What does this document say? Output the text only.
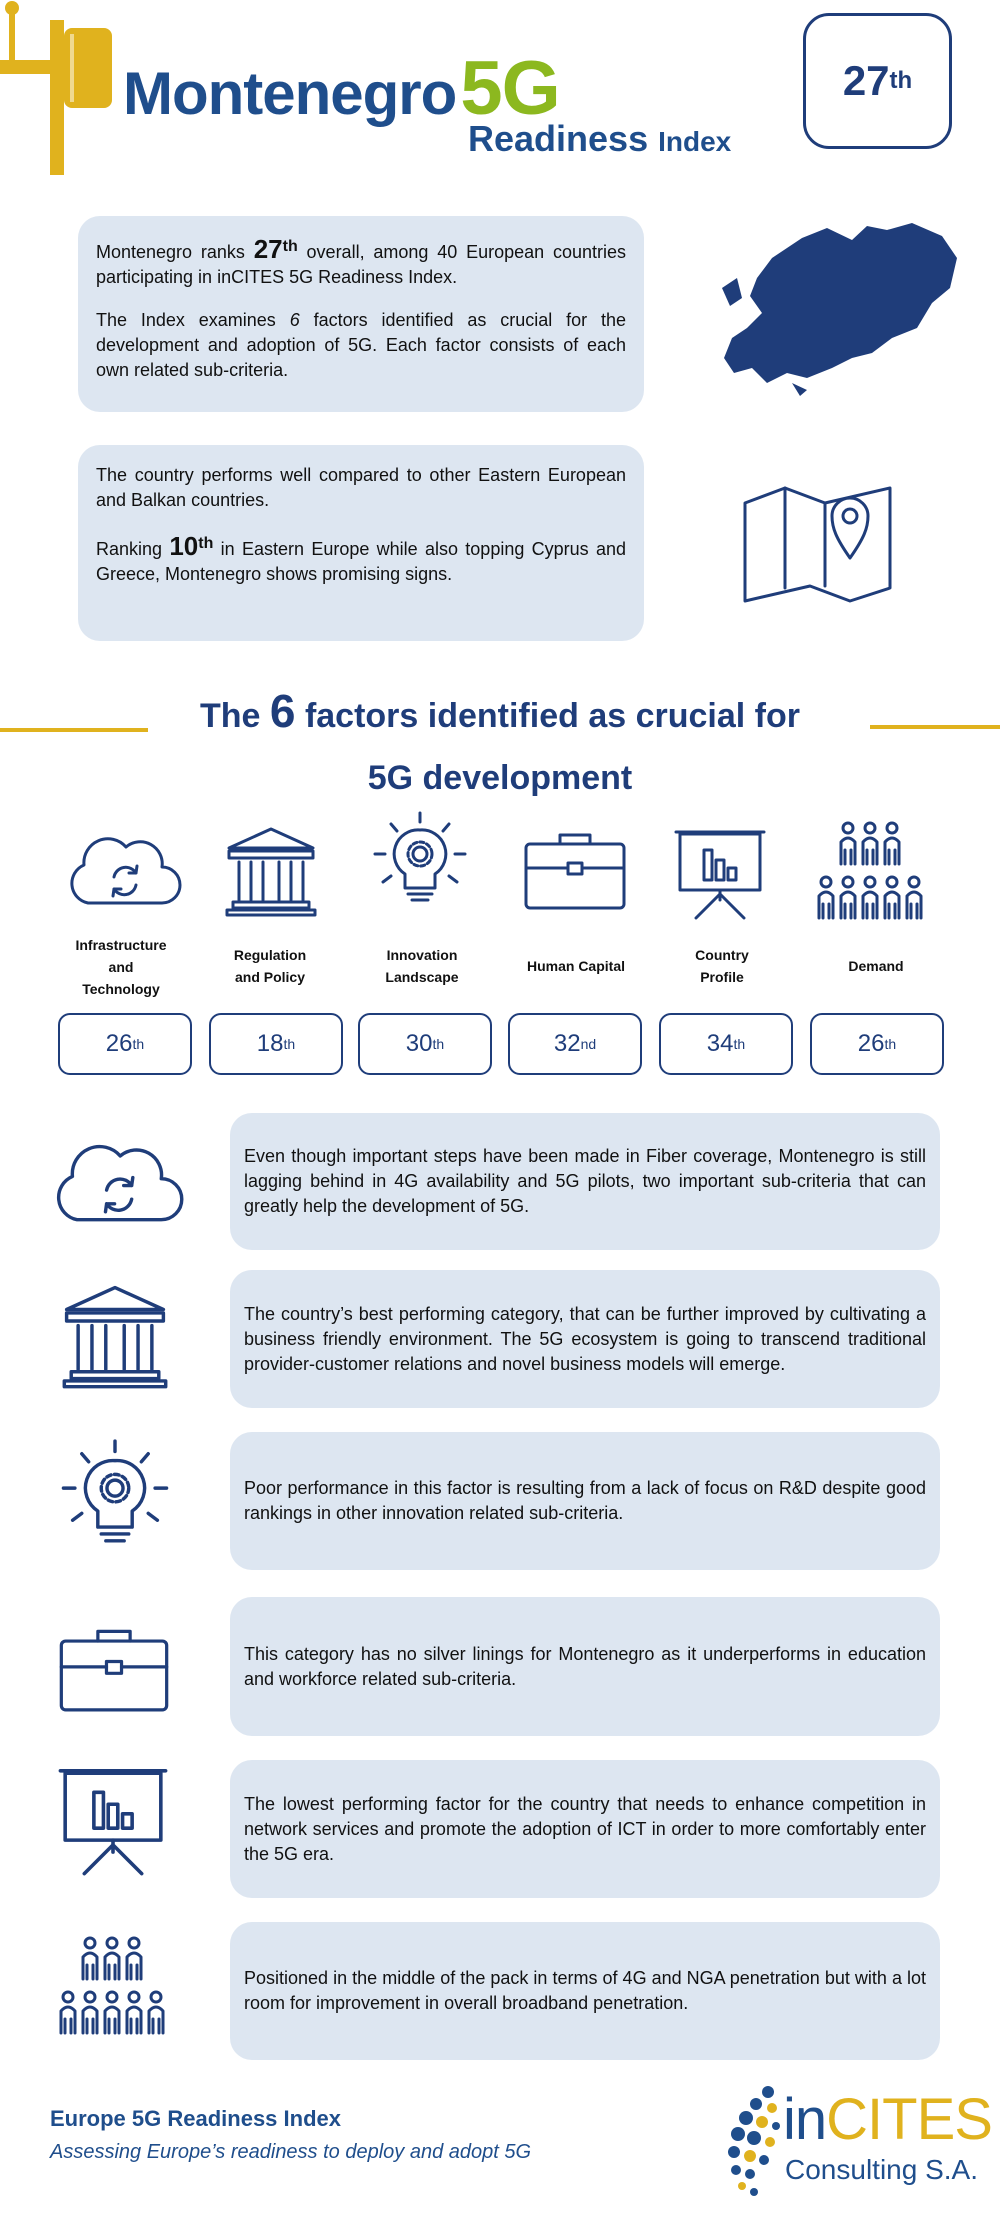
Montenegro5G
Readiness Index
27 th

Montenegro ranks 27th overall, among 40 European countries participating in inCITES 5G Readiness Index.

The Index examines 6 factors identified as crucial for the development and adoption of 5G. Each factor consists of each own related sub-criteria.

The country performs well compared to other Eastern European and Balkan countries.

Ranking 10th in Eastern Europe while also topping Cyprus and Greece, Montenegro shows promising signs.

The 6 factors identified as crucial for
5G development
Infrastructure
and
Technology
Regulation
and Policy
Innovation
Landscape
Human Capital
Country
Profile
Demand
26 th	18 th	30 th	32 nd	34 th	26 th
Even though important steps have been made in Fiber coverage, Montenegro is still lagging behind in 4G availability and 5G pilots, two important sub-criteria that can greatly help the development of 5G.
The country’s best performing category, that can be further improved by cultivating a business friendly environment. The 5G ecosystem is going to transcend traditional provider-customer relations and novel business models will emerge.
Poor performance in this factor is resulting from a lack of focus on R&D despite good rankings in other innovation related sub-criteria.
This category has no silver linings for Montenegro as it underperforms in education and workforce related sub-criteria.
The lowest performing factor for the country that needs to enhance competition in network services and promote the adoption of ICT in order to more comfortably enter the 5G era.
Positioned in the middle of the pack in terms of 4G and NGA penetration but with a lot room for improvement in overall broadband penetration.
Europe 5G Readiness Index
Assessing Europe’s readiness to deploy and adopt 5G	inCITES
Consulting S.A.
